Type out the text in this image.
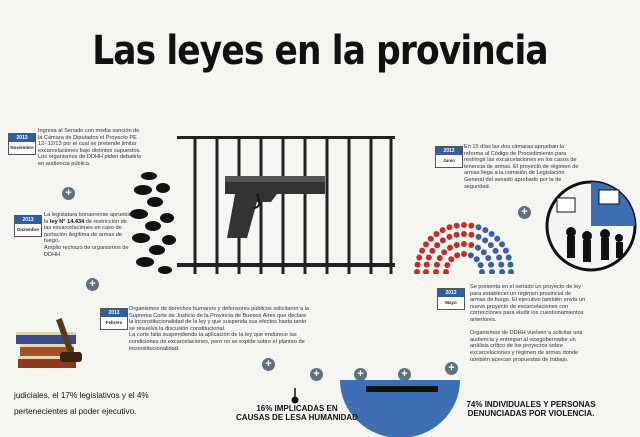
Las leyes en la provincia
2013
Noviembre
Ingresa al Senado con media sanción de la Cámara de Diputados el Proyecto PE 12- 12/13 por el cual se pretende limitar excarcelaciones bajo distintos supuestos. Los organismos de DDHH piden debatirlo en audiencia pública.
+
2013
Diciembre
La legislatura bonaerense aprueba la ley N° 14.434 de restricción de las excarcelaciones en caso de portación ilegítima de armas de fuego.
Amplio rechazo de organismos de DDHH
+
2013
Febrero
Organismos de derechos humanos y defensores públicos solicitaron a la Suprema Corte de Justicia de la Provincia de Buenos Aires que declare la inconstitucionalidad de la ley y que suspenda sus efectos hasta tanto se resuelva la discusión constitucional.
La corte falla suspendiendo la aplicación de la ley que endurece las condiciones de excarcelaciones, pero no se expide sobre el planteo de inconstitucionalidad.
2013
Junio
En 15 días las dos cámaras aprueban la reforma al Código de Procedimiento para restringir las excarcelaciones en los casos de tenencia de armas. El proyecto de régimen de armas llega a la comisión de Legislación General del senado aprobado por la de seguridad.
+
2013
Mayo
Se presenta en el senado un proyecto de ley para establecer un régimen provincial de armas de fuego. El ejecutivo también envía un nuevo proyecto de excarcelaciones con correcciones para eludir los cuestionamientos anteriores.

Organismos de DDHH vuelven a solicitar una audiencia y entregan al vicegobernador un análisis crítico de los proyectos sobre excarcelaciones y régimen de armas donde también acercan propuestas de trabajo.
+
+	+	+	+
judiciales, el 17% legislativos y el 4%
pertenecientes al poder ejecutivo.	16% IMPLICADAS EN
CAUSAS DE LESA HUMANIDAD
74% INDIVIDUALES Y PERSONAS
DENUNCIADAS POR VIOLENCIA.
